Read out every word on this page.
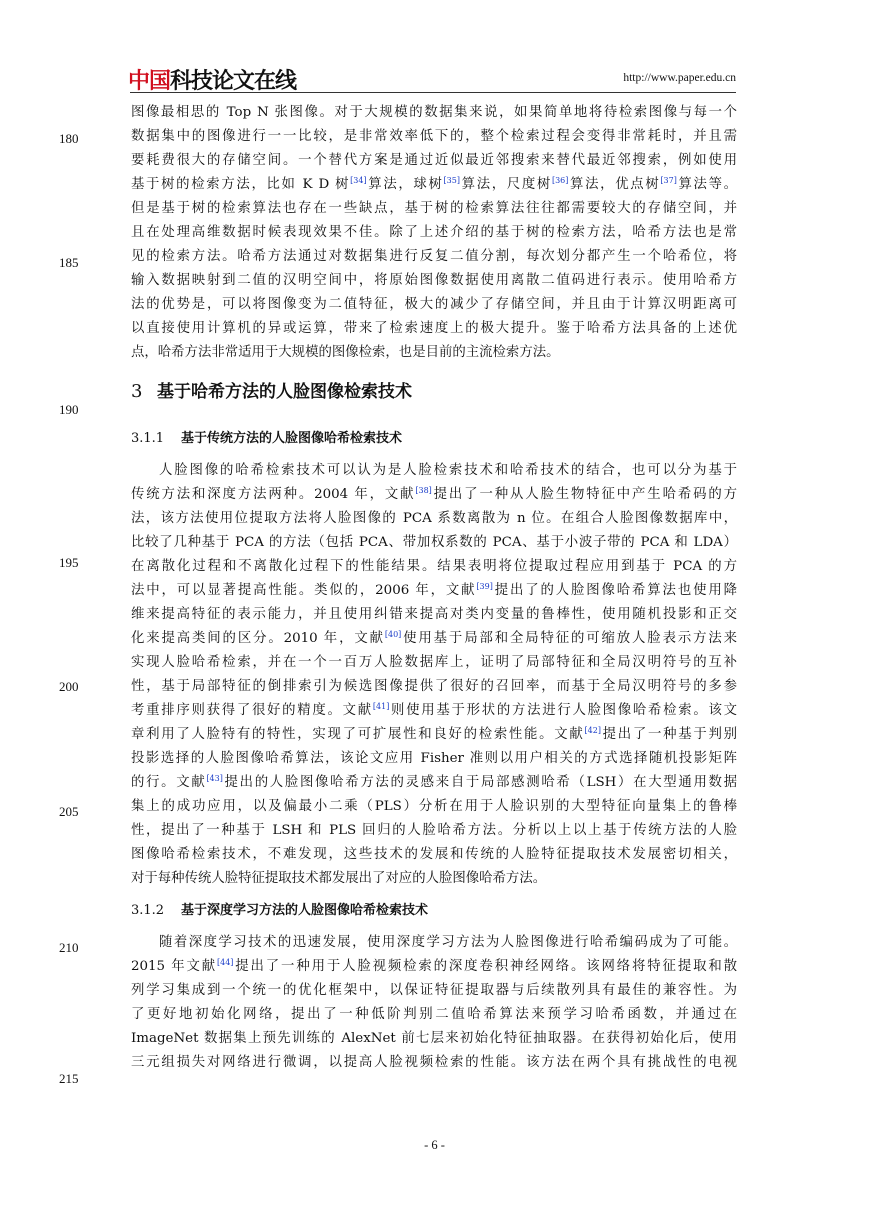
中国科技论文在线	http://www.paper.edu.cn
图像最相思的 Top N 张图像。对于大规模的数据集来说，如果简单地将待检索图像与每一个
数据集中的图像进行一一比较，是非常效率低下的，整个检索过程会变得非常耗时，并且需
要耗费很大的存储空间。一个替代方案是通过近似最近邻搜索来替代最近邻搜索，例如使用
基于树的检索方法，比如 K D 树[34]算法，球树[35]算法，尺度树[36]算法，优点树[37]算法等。
但是基于树的检索算法也存在一些缺点，基于树的检索算法往往都需要较大的存储空间，并
且在处理高维数据时候表现效果不佳。除了上述介绍的基于树的检索方法，哈希方法也是常
见的检索方法。哈希方法通过对数据集进行反复二值分割，每次划分都产生一个哈希位，将
输入数据映射到二值的汉明空间中，将原始图像数据使用离散二值码进行表示。使用哈希方
法的优势是，可以将图像变为二值特征，极大的减少了存储空间，并且由于计算汉明距离可
以直接使用计算机的异或运算，带来了检索速度上的极大提升。鉴于哈希方法具备的上述优
点，哈希方法非常适用于大规模的图像检索，也是目前的主流检索方法。
3 基于哈希方法的人脸图像检索技术
3.1.1 基于传统方法的人脸图像哈希检索技术
人脸图像的哈希检索技术可以认为是人脸检索技术和哈希技术的结合，也可以分为基于
传统方法和深度方法两种。2004 年，文献[38]提出了一种从人脸生物特征中产生哈希码的方
法，该方法使用位提取方法将人脸图像的 PCA 系数离散为 n 位。在组合人脸图像数据库中，
比较了几种基于 PCA 的方法（包括 PCA、带加权系数的 PCA、基于小波子带的 PCA 和 LDA）
在离散化过程和不离散化过程下的性能结果。结果表明将位提取过程应用到基于 PCA 的方
法中，可以显著提高性能。类似的，2006 年，文献[39]提出了的人脸图像哈希算法也使用降
维来提高特征的表示能力，并且使用纠错来提高对类内变量的鲁棒性，使用随机投影和正交
化来提高类间的区分。2010 年，文献[40]使用基于局部和全局特征的可缩放人脸表示方法来
实现人脸哈希检索，并在一个一百万人脸数据库上，证明了局部特征和全局汉明符号的互补
性，基于局部特征的倒排索引为候选图像提供了很好的召回率，而基于全局汉明符号的多参
考重排序则获得了很好的精度。文献[41]则使用基于形状的方法进行人脸图像哈希检索。该文
章利用了人脸特有的特性，实现了可扩展性和良好的检索性能。文献[42]提出了一种基于判别
投影选择的人脸图像哈希算法，该论文应用 Fisher 准则以用户相关的方式选择随机投影矩阵
的行。文献[43]提出的人脸图像哈希方法的灵感来自于局部感测哈希（LSH）在大型通用数据
集上的成功应用，以及偏最小二乘（PLS）分析在用于人脸识别的大型特征向量集上的鲁棒
性，提出了一种基于 LSH 和 PLS 回归的人脸哈希方法。分析以上以上基于传统方法的人脸
图像哈希检索技术，不难发现，这些技术的发展和传统的人脸特征提取技术发展密切相关，
对于每种传统人脸特征提取技术都发展出了对应的人脸图像哈希方法。
3.1.2 基于深度学习方法的人脸图像哈希检索技术
随着深度学习技术的迅速发展，使用深度学习方法为人脸图像进行哈希编码成为了可能。
2015 年文献[44]提出了一种用于人脸视频检索的深度卷积神经网络。该网络将特征提取和散
列学习集成到一个统一的优化框架中，以保证特征提取器与后续散列具有最佳的兼容性。为
了更好地初始化网络，提出了一种低阶判别二值哈希算法来预学习哈希函数，并通过在
ImageNet 数据集上预先训练的 AlexNet 前七层来初始化特征抽取器。在获得初始化后，使用
三元组损失对网络进行微调，以提高人脸视频检索的性能。该方法在两个具有挑战性的电视
180
185
190
195
200
205
210
215
- 6 -
